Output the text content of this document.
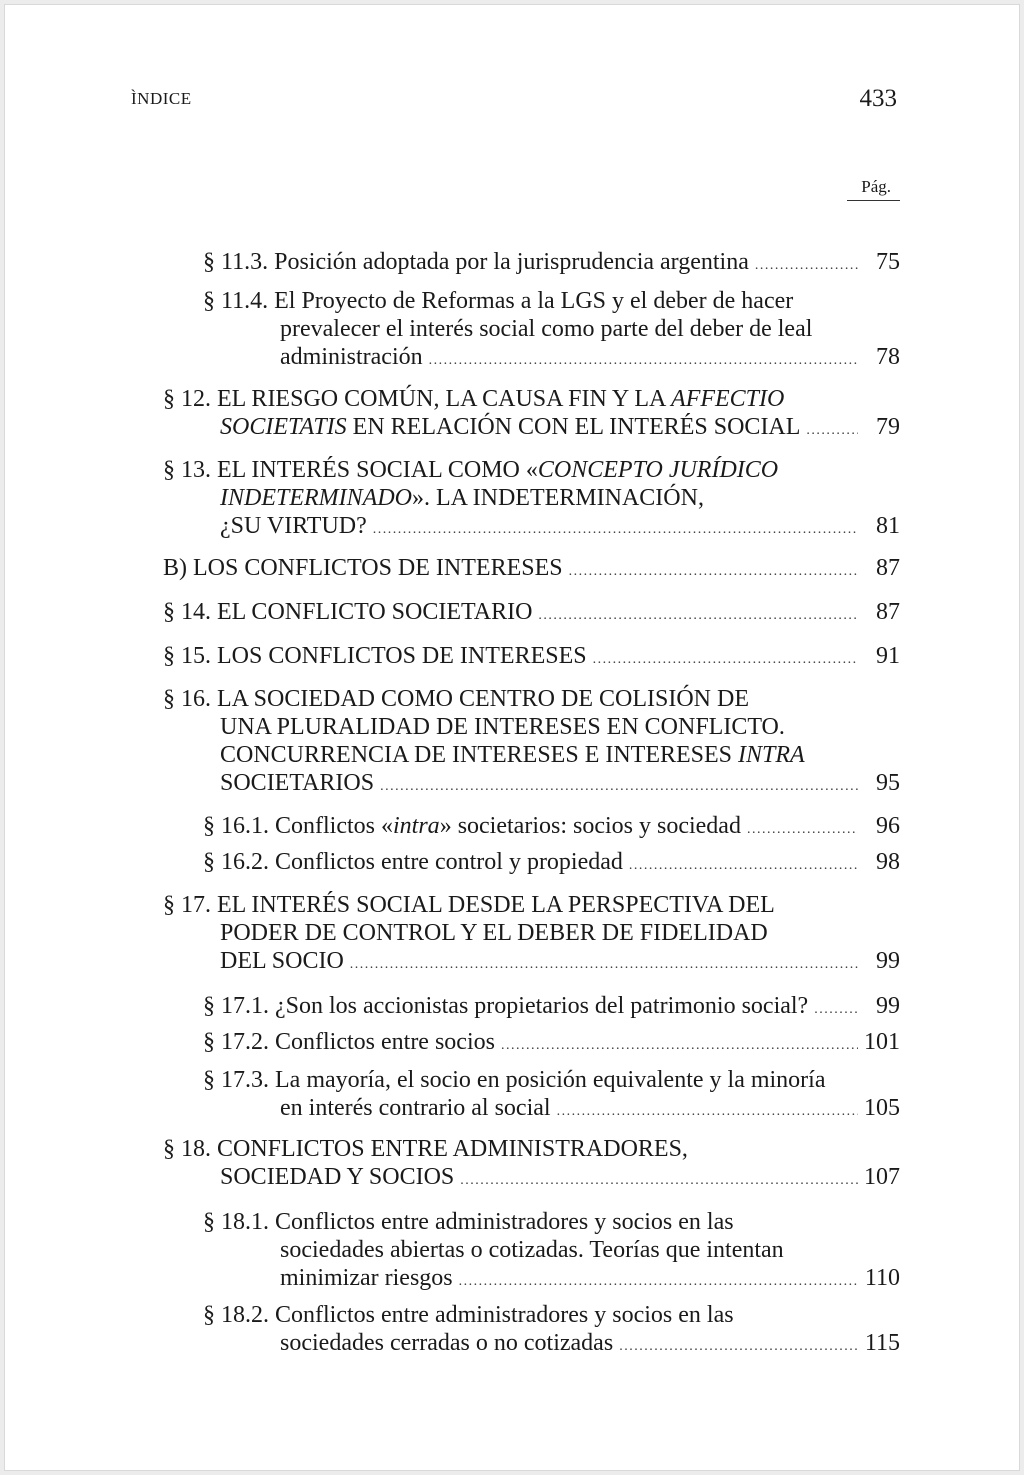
ÌNDICE	433
Pág.
§ 11.3. Posición adoptada por la jurisprudencia argentina .....	75
§ 11.4. El Proyecto de Reformas a la LGS y el deber de hacer
prevalecer el interés social como parte del deber de leal
administración .....	78
§ 12. EL RIESGO COMÚN, LA CAUSA FIN Y LA AFFECTIO
SOCIETATIS EN RELACIÓN CON EL INTERÉS SOCIAL .....	79
§ 13. EL INTERÉS SOCIAL COMO «CONCEPTO JURÍDICO
INDETERMINADO». LA INDETERMINACIÓN,
¿SU VIRTUD? .....	81
B) LOS CONFLICTOS DE INTERESES .....	87
§ 14. EL CONFLICTO SOCIETARIO .....	87
§ 15. LOS CONFLICTOS DE INTERESES .....	91
§ 16. LA SOCIEDAD COMO CENTRO DE COLISIÓN DE
UNA PLURALIDAD DE INTERESES EN CONFLICTO.
CONCURRENCIA DE INTERESES E INTERESES INTRA
SOCIETARIOS .....	95
§ 16.1. Conflictos «intra» societarios: socios y sociedad .....	96
§ 16.2. Conflictos entre control y propiedad .....	98
§ 17. EL INTERÉS SOCIAL DESDE LA PERSPECTIVA DEL
PODER DE CONTROL Y EL DEBER DE FIDELIDAD
DEL SOCIO .....	99
§ 17.1. ¿Son los accionistas propietarios del patrimonio social? .....	99
§ 17.2. Conflictos entre socios .....	101
§ 17.3. La mayoría, el socio en posición equivalente y la minoría
en interés contrario al social .....	105
§ 18. CONFLICTOS ENTRE ADMINISTRADORES,
SOCIEDAD Y SOCIOS .....	107
§ 18.1. Conflictos entre administradores y socios en las
sociedades abiertas o cotizadas. Teorías que intentan
minimizar riesgos .....	110
§ 18.2. Conflictos entre administradores y socios en las
sociedades cerradas o no cotizadas .....	115
